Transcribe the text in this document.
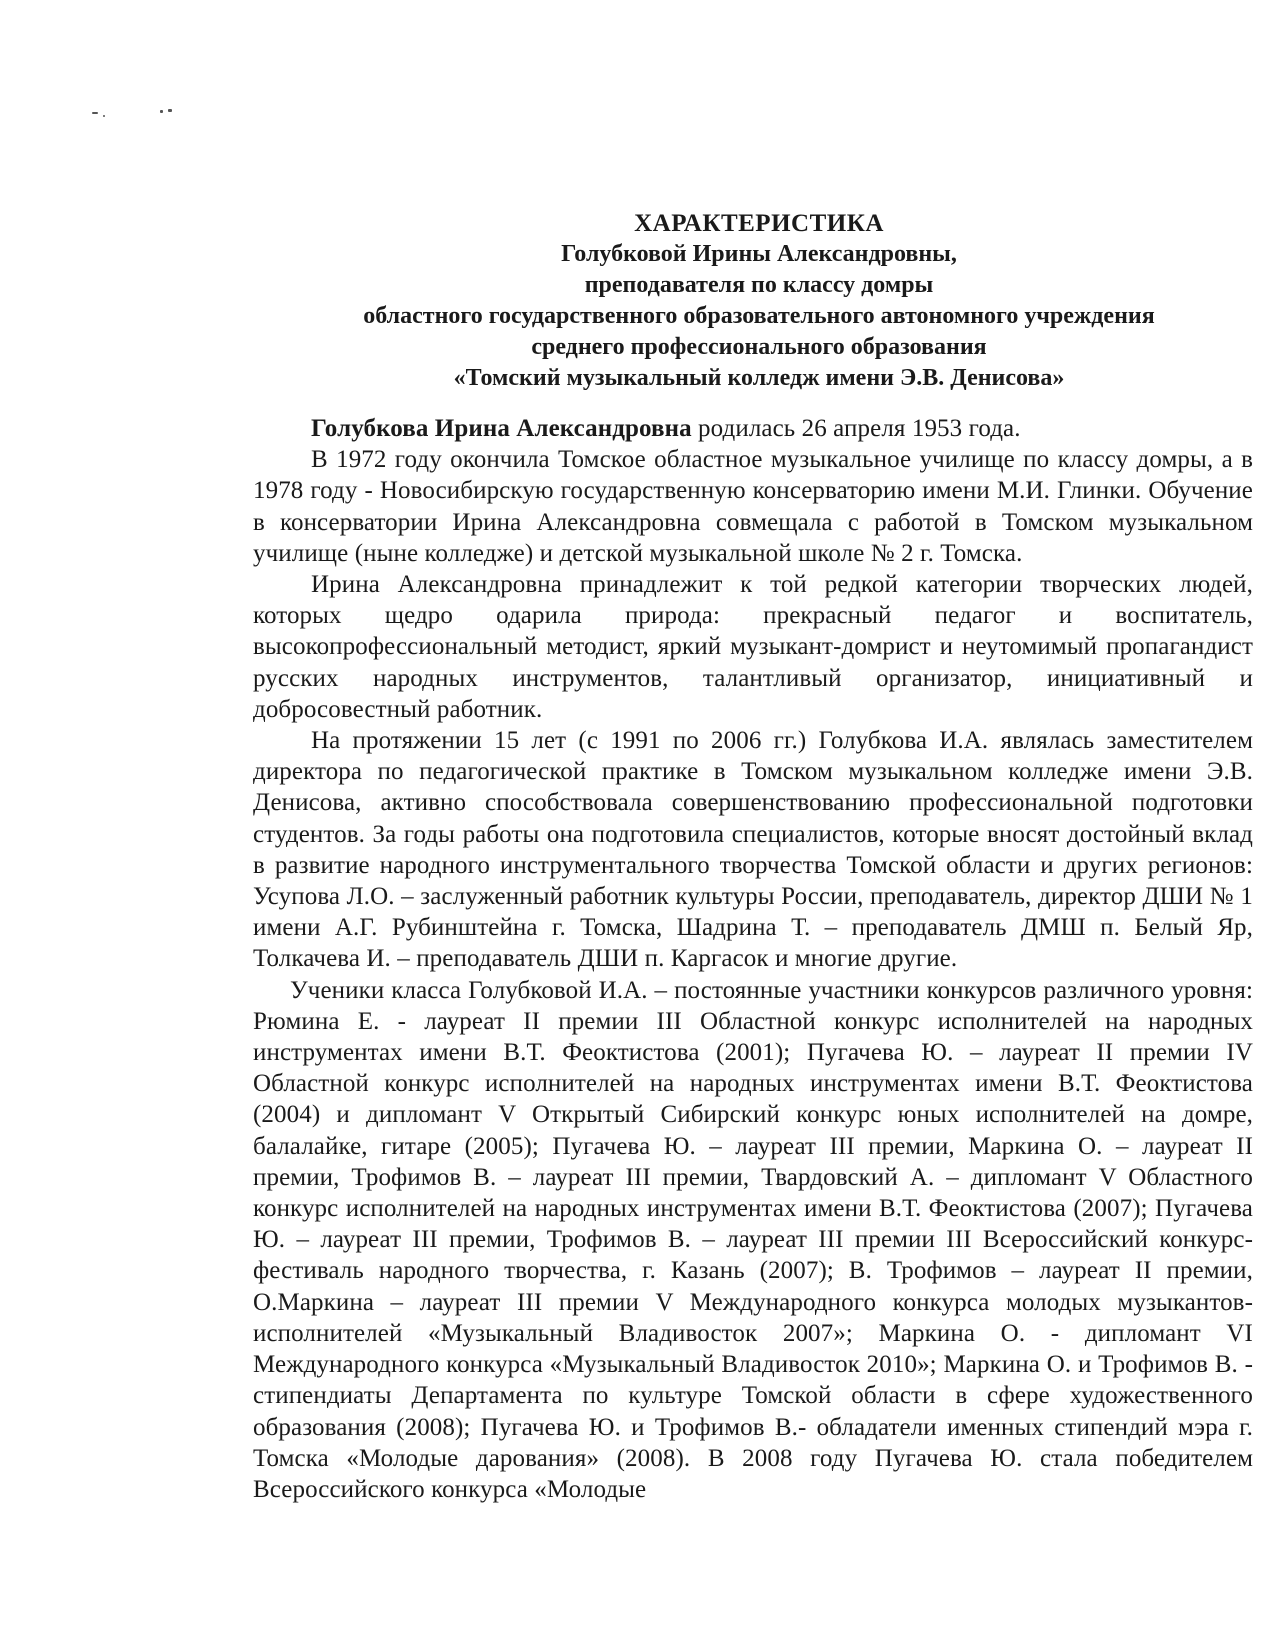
ХАРАКТЕРИСТИКА
Голубковой Ирины Александровны,
преподавателя по классу домры
областного государственного образовательного автономного учреждения
среднего профессионального образования
«Томский музыкальный колледж имени Э.В. Денисова»

Голубкова Ирина Александровна родилась 26 апреля 1953 года.

В 1972 году окончила Томское областное музыкальное училище по классу домры, а в 1978 году - Новосибирскую государственную консерваторию имени М.И. Глинки. Обучение в консерватории Ирина Александровна совмещала с работой в Томском музыкальном училище (ныне колледже) и детской музыкальной школе № 2 г. Томска.

Ирина Александровна принадлежит к той редкой категории творческих людей, которых щедро одарила природа: прекрасный педагог и воспитатель, высокопрофессиональный методист, яркий музыкант-домрист и неутомимый пропагандист русских народных инструментов, талантливый организатор, инициативный и добросовестный работник.

На протяжении 15 лет (с 1991 по 2006 гг.) Голубкова И.А. являлась заместителем директора по педагогической практике в Томском музыкальном колледже имени Э.В. Денисова, активно способствовала совершенствованию профессиональной подготовки студентов. За годы работы она подготовила специалистов, которые вносят достойный вклад в развитие народного инструментального творчества Томской области и других регионов: Усупова Л.О. – заслуженный работник культуры России, преподаватель, директор ДШИ № 1 имени А.Г. Рубинштейна г. Томска, Шадрина Т. – преподаватель ДМШ п. Белый Яр, Толкачева И. – преподаватель ДШИ п. Каргасок и многие другие.

Ученики класса Голубковой И.А. – постоянные участники конкурсов различного уровня: Рюмина Е. - лауреат II премии III Областной конкурс исполнителей на народных инструментах имени В.Т. Феоктистова (2001); Пугачева Ю. – лауреат II премии IV Областной конкурс исполнителей на народных инструментах имени В.Т. Феоктистова (2004) и дипломант V Открытый Сибирский конкурс юных исполнителей на домре, балалайке, гитаре (2005); Пугачева Ю. – лауреат III премии, Маркина О. – лауреат II премии, Трофимов В. – лауреат III премии, Твардовский А. – дипломант V Областного конкурс исполнителей на народных инструментах имени В.Т. Феоктистова (2007); Пугачева Ю. – лауреат III премии, Трофимов В. – лауреат III премии III Всероссийский конкурс-фестиваль народного творчества, г. Казань (2007); В. Трофимов – лауреат II премии, О.Маркина – лауреат III премии V Международного конкурса молодых музыкантов-исполнителей «Музыкальный Владивосток 2007»; Маркина О. - дипломант VI Международного конкурса «Музыкальный Владивосток 2010»; Маркина О. и Трофимов В. - стипендиаты Департамента по культуре Томской области в сфере художественного образования (2008); Пугачева Ю. и Трофимов В.- обладатели именных стипендий мэра г. Томска «Молодые дарования» (2008). В 2008 году Пугачева Ю. стала победителем Всероссийского конкурса «Молодые
